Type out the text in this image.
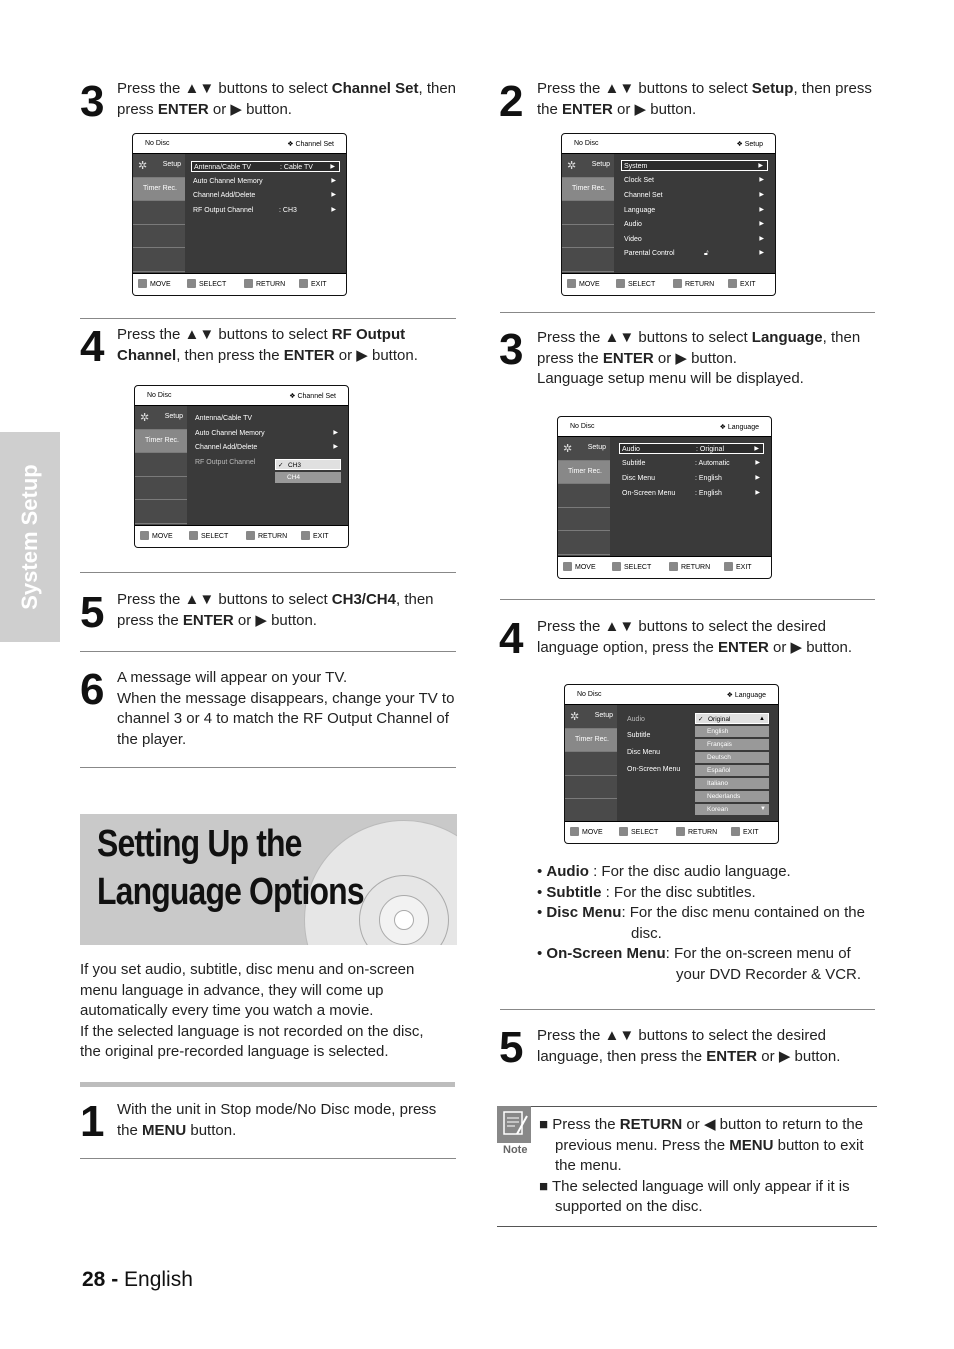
System Setup
3 Press the ▲▼ buttons to select Channel Set, then
press ENTER or ▶ button.
No Disc	❖ Channel Set
✲ Setup
Timer Rec.
Antenna/Cable TV	: Cable TV	▶
Auto Channel Memory	▶
Channel Add/Delete	▶
RF Output Channel	: CH3	▶
MOVE	SELECT	RETURN	EXIT
4 Press the ▲▼ buttons to select RF Output
Channel, then press the ENTER or ▶ button.
No Disc	❖ Channel Set
✲ Setup
Timer Rec.
Antenna/Cable TV
Auto Channel Memory	▶
Channel Add/Delete	▶
RF Output Channel	✓ CH3
CH4
MOVE	SELECT	RETURN	EXIT
5 Press the ▲▼ buttons to select CH3/CH4, then
press the ENTER or ▶ button.
6 A message will appear on your TV.
When the message disappears, change your TV to
channel 3 or 4 to match the RF Output Channel of
the player.
Setting Up the
Language Options
If you set audio, subtitle, disc menu and on-screen
menu language in advance, they will come up
automatically every time you watch a movie.
If the selected language is not recorded on the disc,
the original pre-recorded language is selected.
1 With the unit in Stop mode/No Disc mode, press
the MENU button.
28 - English
2 Press the ▲▼ buttons to select Setup, then press
the ENTER or ▶ button.
No Disc	❖ Setup
✲ Setup
Timer Rec.
System	▶
Clock Set	▶
Channel Set	▶
Language	▶
Audio	▶
Video	▶
Parental Control	🔓︎	▶
MOVE	SELECT	RETURN	EXIT
3 Press the ▲▼ buttons to select Language, then
press the ENTER or ▶ button.
Language setup menu will be displayed.
No Disc	❖ Language
✲ Setup
Timer Rec.
Audio	: Original	▶
Subtitle	: Automatic	▶
Disc Menu	: English	▶
On-Screen Menu	: English	▶
MOVE	SELECT	RETURN	EXIT
4 Press the ▲▼ buttons to select the desired
language option, press the ENTER or ▶ button.
No Disc	❖ Language
✲ Setup
Timer Rec.
Audio
Subtitle
Disc Menu
On-Screen Menu
✓ Original	▲
English
Français
Deutsch
Español
Italiano
Nederlands
Korean	▼
MOVE	SELECT	RETURN	EXIT
• Audio : For the disc audio language.
• Subtitle : For the disc subtitles.
• Disc Menu: For the disc menu contained on the
disc.
• On-Screen Menu: For the on-screen menu of
your DVD Recorder & VCR.
5 Press the ▲▼ buttons to select the desired
language, then press the ENTER or ▶ button.
Note
■ Press the RETURN or ◀ button to return to the
previous menu. Press the MENU button to exit
the menu.
■ The selected language will only appear if it is
supported on the disc.
